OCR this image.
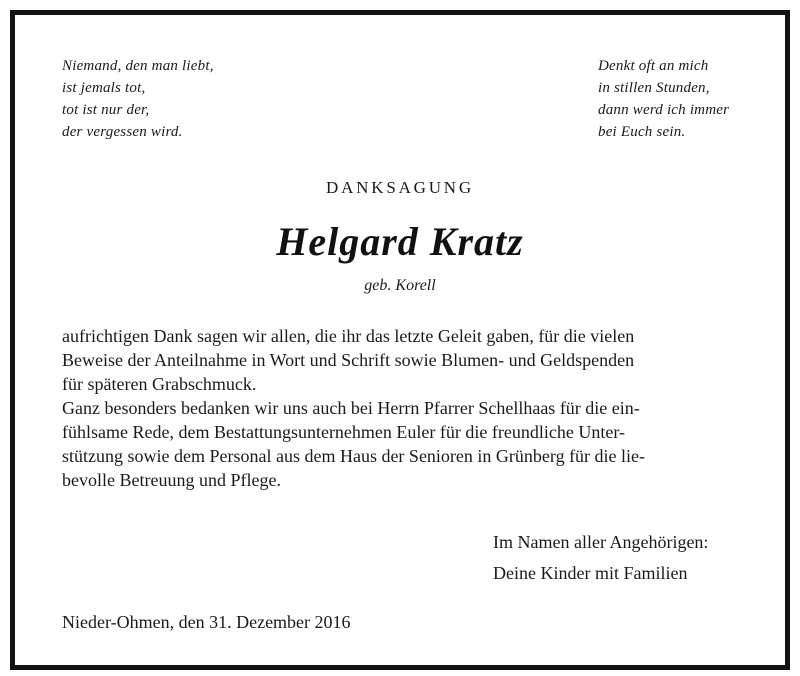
Niemand, den man liebt,
ist jemals tot,
tot ist nur der,
der vergessen wird.
Denkt oft an mich
in stillen Stunden,
dann werd ich immer
bei Euch sein.
DANKSAGUNG
Helgard Kratz
geb. Korell
aufrichtigen Dank sagen wir allen, die ihr das letzte Geleit gaben, für die vielen
Beweise der Anteilnahme in Wort und Schrift sowie Blumen- und Geldspenden
für späteren Grabschmuck.
Ganz besonders bedanken wir uns auch bei Herrn Pfarrer Schellhaas für die ein-
fühlsame Rede, dem Bestattungsunternehmen Euler für die freundliche Unter-
stützung sowie dem Personal aus dem Haus der Senioren in Grünberg für die lie-
bevolle Betreuung und Pflege.
Im Namen aller Angehörigen:
Deine Kinder mit Familien
Nieder-Ohmen, den 31. Dezember 2016
